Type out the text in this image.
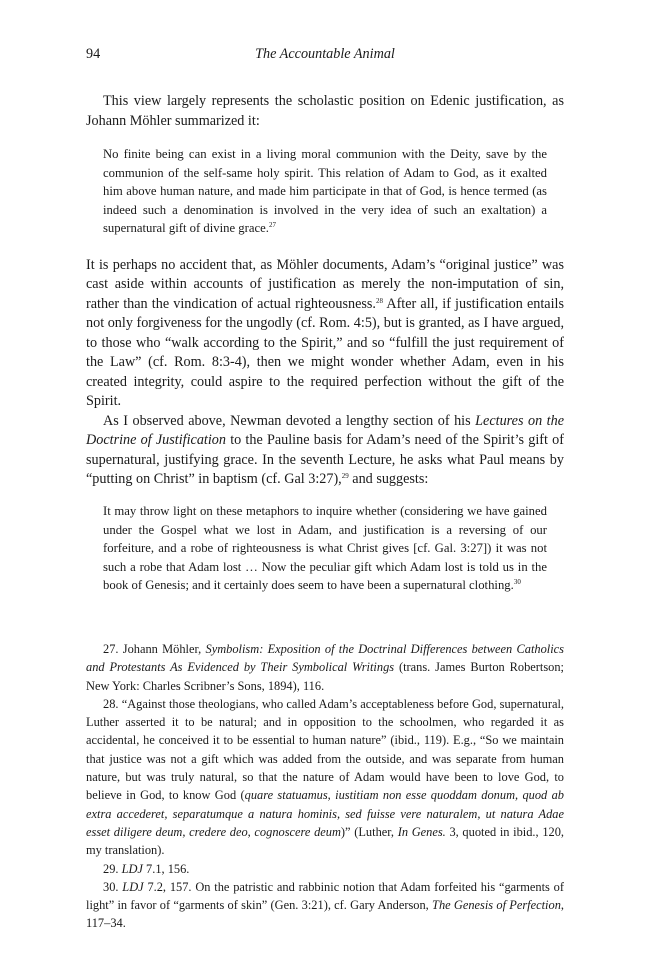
94	The Accountable Animal

This view largely represents the scholastic position on Edenic justification, as Johann Möhler summarized it:

No finite being can exist in a living moral communion with the Deity, save by the communion of the self-same holy spirit. This relation of Adam to God, as it exalted him above human nature, and made him participate in that of God, is hence termed (as indeed such a denomination is involved in the very idea of such an exaltation) a supernatural gift of divine grace.$^{27}$

It is perhaps no accident that, as Möhler documents, Adam’s “original justice” was cast aside within accounts of justification as merely the non-imputation of sin, rather than the vindication of actual righteousness.$^{28}$ After all, if justification entails not only forgiveness for the ungodly (cf. Rom. 4:5), but is granted, as I have argued, to those who “walk according to the Spirit,” and so “fulfill the just requirement of the Law” (cf. Rom. 8:3-4), then we might wonder whether Adam, even in his created integrity, could aspire to the required perfection without the gift of the Spirit.

As I observed above, Newman devoted a lengthy section of his Lectures on the Doctrine of Justification to the Pauline basis for Adam’s need of the Spirit’s gift of supernatural, justifying grace. In the seventh Lecture, he asks what Paul means by “putting on Christ” in baptism (cf. Gal 3:27),$^{29}$ and suggests:

It may throw light on these metaphors to inquire whether (considering we have gained under the Gospel what we lost in Adam, and justification is a reversing of our forfeiture, and a robe of righteousness is what Christ gives [cf. Gal. 3:27]) it was not such a robe that Adam lost … Now the peculiar gift which Adam lost is told us in the book of Genesis; and it certainly does seem to have been a supernatural clothing.$^{30}$

27. Johann Möhler, Symbolism: Exposition of the Doctrinal Differences between Catholics and Protestants As Evidenced by Their Symbolical Writings (trans. James Burton Robertson; New York: Charles Scribner’s Sons, 1894), 116.

28. “Against those theologians, who called Adam’s acceptableness before God, supernatural, Luther asserted it to be natural; and in opposition to the schoolmen, who regarded it as accidental, he conceived it to be essential to human nature” (ibid., 119). E.g., “So we maintain that justice was not a gift which was added from the outside, and was separate from human nature, but was truly natural, so that the nature of Adam would have been to love God, to believe in God, to know God (quare statuamus, iustitiam non esse quoddam donum, quod ab extra accederet, separatumque a natura hominis, sed fuisse vere naturalem, ut natura Adae esset diligere deum, credere deo, cognoscere deum)” (Luther, In Genes. 3, quoted in ibid., 120, my translation).

29. LDJ 7.1, 156.

30. LDJ 7.2, 157. On the patristic and rabbinic notion that Adam forfeited his “garments of light” in favor of “garments of skin” (Gen. 3:21), cf. Gary Anderson, The Genesis of Perfection, 117–34.
